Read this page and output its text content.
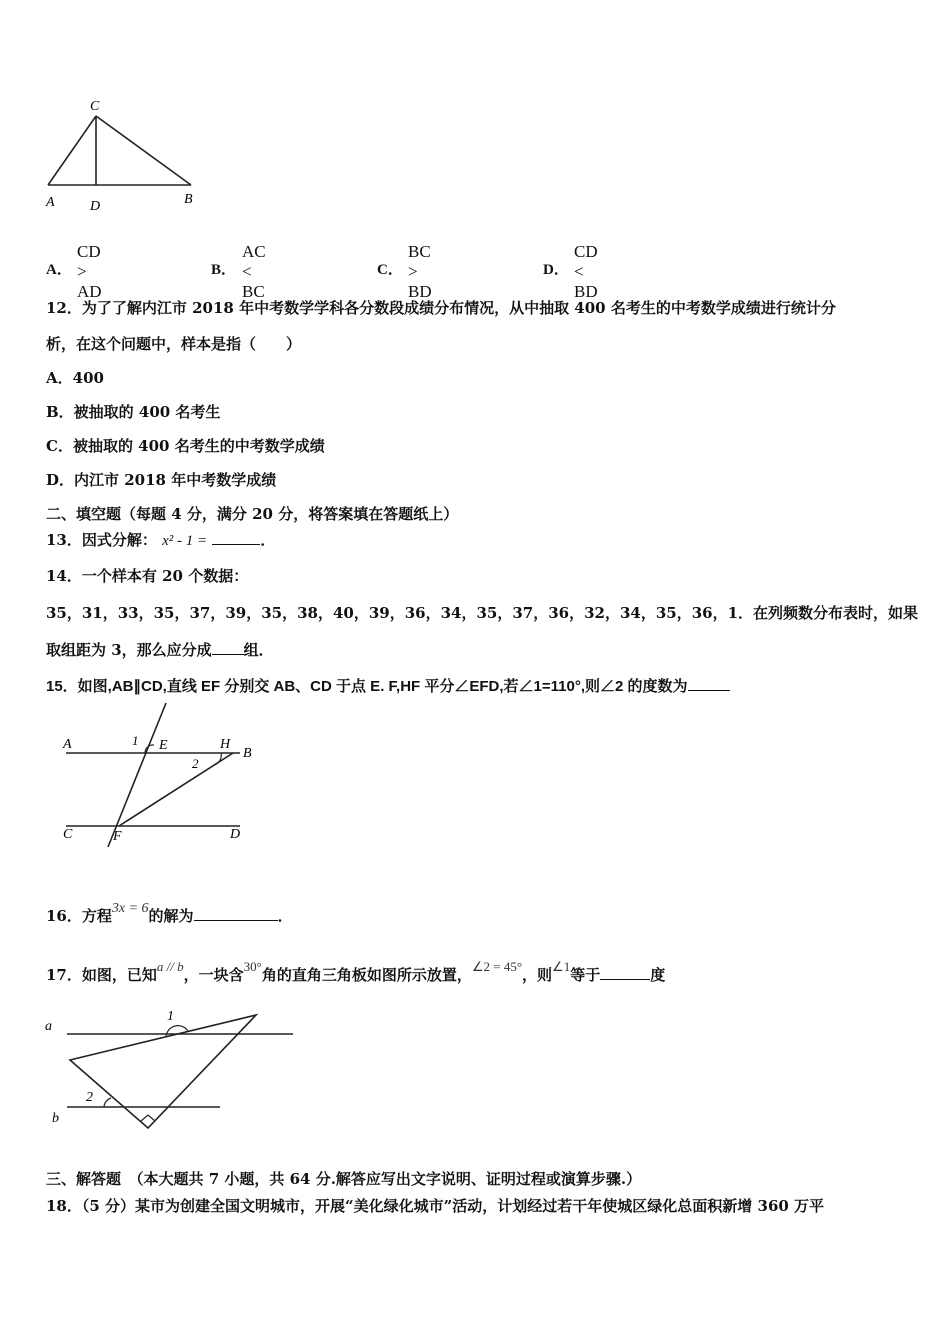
C
A	D	B
A．
CD > AD
B．
AC < BC
C．
BC > BD
D．
CD < BD
12．为了了解内江市 2018 年中考数学学科各分数段成绩分布情况，从中抽取 400 名考生的中考数学成绩进行统计分
析，在这个问题中，样本是指（　　）
A．400
B．被抽取的 400 名考生
C．被抽取的 400 名考生的中考数学成绩
D．内江市 2018 年中考数学成绩
二、填空题（每题 4 分，满分 20 分，将答案填在答题纸上）
13．因式分解： x² - 1 =	．
14．一个样本有 20 个数据：
35，31，33，35，37，39，35，38，40，39，36，34，35，37，36，32，34，35，36，1．在列频数分布表时，如果
取组距为 3，那么应分成 组．
15．如图,AB∥CD,直线 EF 分别交 AB、CD 于点 E. F,HF 平分∠EFD,若∠1=110°,则∠2 的度数为
A	1 E	H
B
2
C	F	D
16．方程3x = 6的解为	．
17．如图，已知a // b，一块含30°角的直角三角板如图所示放置，∠2 = 45°，则∠1等于	度
a
1
2
b
三、解答题　（本大题共 7 小题，共 64 分.解答应写出文字说明、证明过程或演算步骤.）
18．（5 分）某市为创建全国文明城市，开展“美化绿化城市”活动，计划经过若干年使城区绿化总面积新增 360 万平
